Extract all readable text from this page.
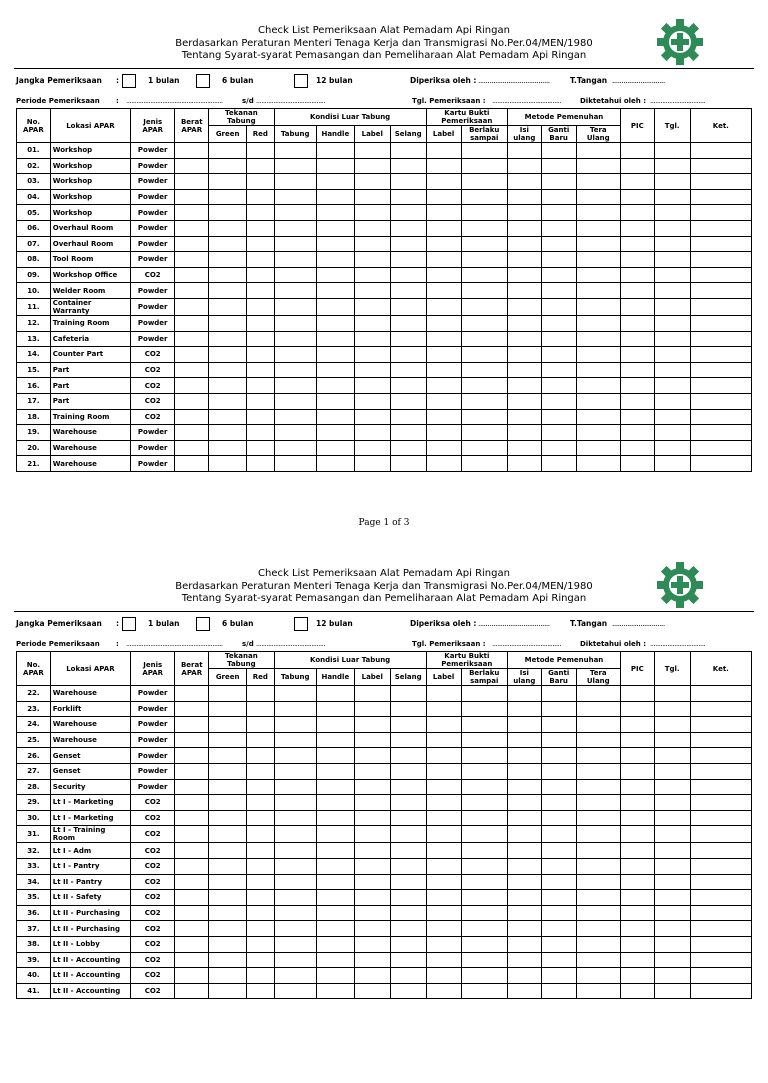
Check List Pemeriksaan Alat Pemadam Api Ringan
Berdasarkan Peraturan Menteri Tenaga Kerja dan Transmigrasi No.Per.04/MEN/1980
Tentang Syarat-syarat Pemasangan dan Pemeliharaan Alat Pemadam Api Ringan
Jangka Pemeriksaan :	1 bulan	6 bulan	12 bulan	Diperiksa oleh : ......................................	T.Tangan ............................
Periode Pemeriksaan : ........................................................	s/d ........................................	Tgl. Pemeriksaan : ........................................	Diktetahui oleh : ................................
No. APAR	Lokasi APAR	Jenis APAR	Berat APAR	Tekanan Tabung		Kondisi Luar Tabung				Kartu Bukti Pemeriksaan		Metode Pemenuhan			PIC	Tgl.	Ket.
				Green	Red	Tabung	Handle	Label	Selang	Label	Berlaku sampai	Isi ulang	Ganti Baru	Tera Ulang			
01.	Workshop	Powder															
02.	Workshop	Powder															
03.	Workshop	Powder															
04.	Workshop	Powder															
05.	Workshop	Powder															
06.	Overhaul Room	Powder															
07.	Overhaul Room	Powder															
08.	Tool Room	Powder															
09.	Workshop Office	CO2															
10.	Welder Room	Powder															
11.	Container Warranty	Powder															
12.	Training Room	Powder															
13.	Cafeteria	Powder															
14.	Counter Part	CO2															
15.	Part	CO2															
16.	Part	CO2															
17.	Part	CO2															
18.	Training Room	CO2															
19.	Warehouse	Powder															
20.	Warehouse	Powder															
21.	Warehouse	Powder															
Page 1 of 3
Check List Pemeriksaan Alat Pemadam Api Ringan
Berdasarkan Peraturan Menteri Tenaga Kerja dan Transmigrasi No.Per.04/MEN/1980
Tentang Syarat-syarat Pemasangan dan Pemeliharaan Alat Pemadam Api Ringan
Jangka Pemeriksaan :	1 bulan	6 bulan	12 bulan	Diperiksa oleh : ......................................	T.Tangan ............................
Periode Pemeriksaan : ........................................................	s/d ........................................	Tgl. Pemeriksaan : ........................................	Diktetahui oleh : ................................
No. APAR	Lokasi APAR	Jenis APAR	Berat APAR	Tekanan Tabung		Kondisi Luar Tabung				Kartu Bukti Pemeriksaan		Metode Pemenuhan			PIC	Tgl.	Ket.
				Green	Red	Tabung	Handle	Label	Selang	Label	Berlaku sampai	Isi ulang	Ganti Baru	Tera Ulang			
22.	Warehouse	Powder															
23.	Forklift	Powder															
24.	Warehouse	Powder															
25.	Warehouse	Powder															
26.	Genset	Powder															
27.	Genset	Powder															
28.	Security	Powder															
29.	Lt I - Marketing	CO2															
30.	Lt I - Marketing	CO2															
31.	Lt I - Training Room	CO2															
32.	Lt I - Adm	CO2															
33.	Lt I - Pantry	CO2															
34.	Lt II - Pantry	CO2															
35.	Lt II - Safety	CO2															
36.	Lt II - Purchasing	CO2															
37.	Lt II - Purchasing	CO2															
38.	Lt II - Lobby	CO2															
39.	Lt II - Accounting	CO2															
40.	Lt II - Accounting	CO2															
41.	Lt II - Accounting	CO2															
